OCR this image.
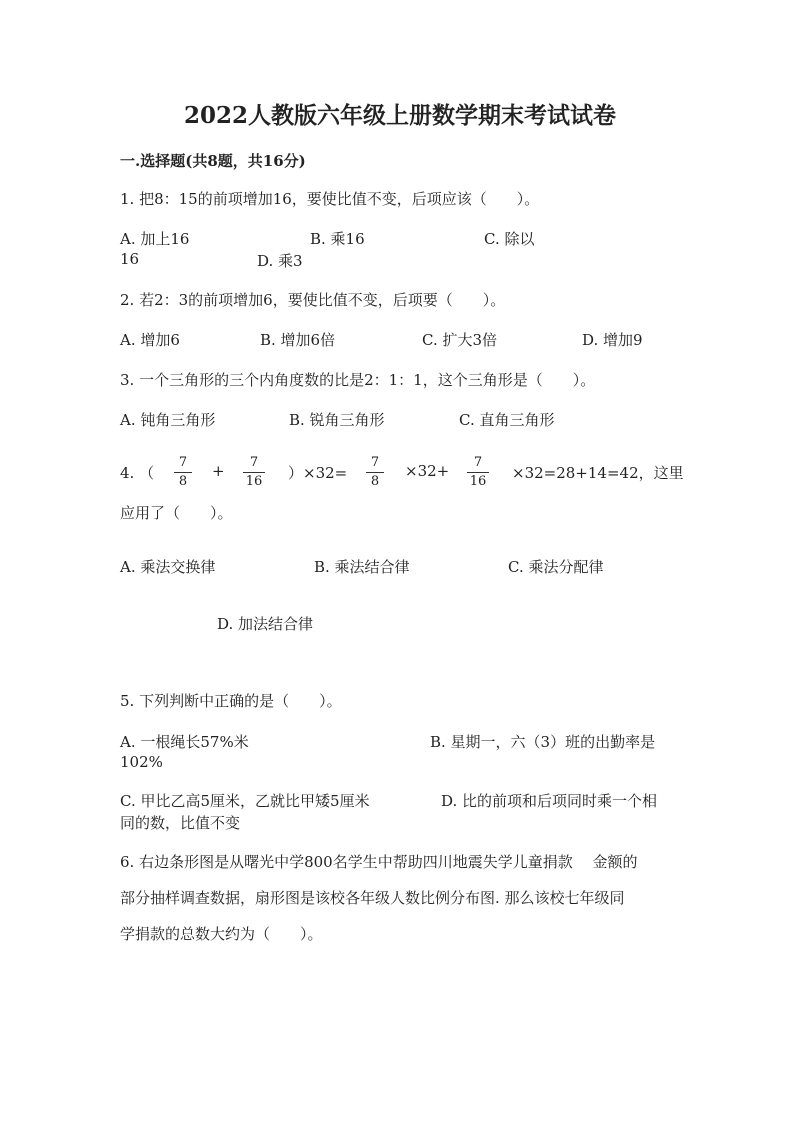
2022人教版六年级上册数学期末考试试卷
一.选择题(共8题，共16分)
1. 把8：15的前项增加16，要使比值不变，后项应该（　　）。
A. 加上16	B. 乘16	C. 除以
16	D. 乘3
2. 若2：3的前项增加6，要使比值不变，后项要（　　）。
A. 增加6	B. 增加6倍	C. 扩大3倍	D. 增加9
3. 一个三角形的三个内角度数的比是2：1：1，这个三角形是（　　）。
A. 钝角三角形	B. 锐角三角形	C. 直角三角形
4. （
7
8
+	7
16 ）×32=
7
8
×32+	7
16 ×32=28+14=42，这里
应用了（　　）。
A. 乘法交换律	B. 乘法结合律	C. 乘法分配律
D. 加法结合律
5. 下列判断中正确的是（　　）。
A. 一根绳长57%米	B. 星期一，六（3）班的出勤率是
102%
C. 甲比乙高5厘米，乙就比甲矮5厘米	D. 比的前项和后项同时乘一个相
同的数，比值不变
6. 右边条形图是从曙光中学800名学生中帮助四川地震失学儿童捐款　 金额的
部分抽样调查数据，扇形图是该校各年级人数比例分布图. 那么该校七年级同
学捐款的总数大约为（　　）。
